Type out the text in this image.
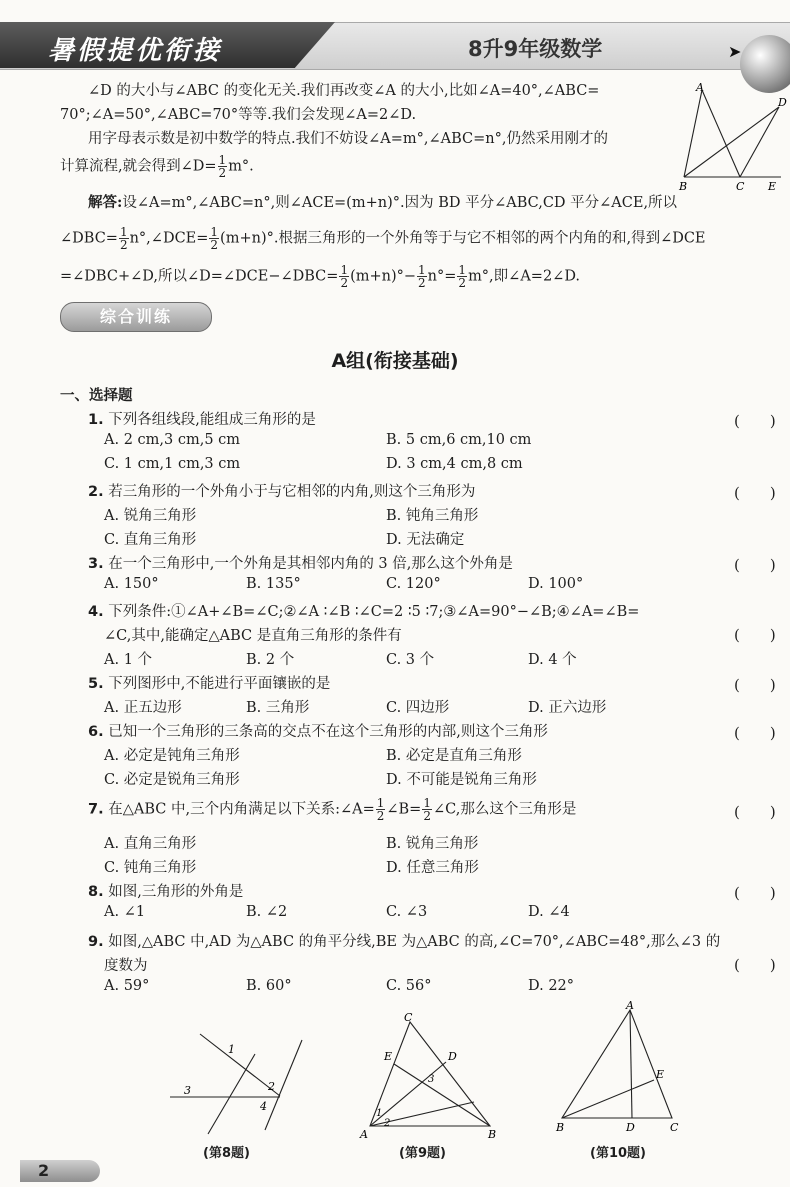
暑假提优衔接	8升9年级数学	➤
A
D
B	C E
∠D 的大小与∠ABC 的变化无关.我们再改变∠A 的大小,比如∠A=40°,∠ABC=
70°;∠A=50°,∠ABC=70°等等.我们会发现∠A=2∠D.
用字母表示数是初中数学的特点.我们不妨设∠A=m°,∠ABC=n°,仍然采用刚才的
计算流程,就会得到∠D= $\frac{1}{2} m^\circ$.
解答:设∠A=m°,∠ABC=n°,则∠ACE=(m+n)°.因为 BD 平分∠ABC,CD 平分∠ACE,所以
∠DBC= $\frac{1}{2}$ n°,∠DCE= $\frac{1}{2} (m+n)^\circ$.根据三角形的一个外角等于与它不相邻的两个内角的和,得到∠DCE
=∠DBC+∠D,所以∠D=∠DCE−∠DBC= $\frac{1}{2} (m+n)^\circ- \frac{1}{2} n^\circ= \frac{1}{2} m^\circ$,即∠A=2∠D.
综合训练
A组(衔接基础)
一、选择题
1. 下列各组线段,能组成三角形的是	(　　)
A. 2 cm,3 cm,5 cm	B. 5 cm,6 cm,10 cm
C. 1 cm,1 cm,3 cm	D. 3 cm,4 cm,8 cm
2. 若三角形的一个外角小于与它相邻的内角,则这个三角形为	(　　)
A. 锐角三角形	B. 钝角三角形
C. 直角三角形	D. 无法确定
3. 在一个三角形中,一个外角是其相邻内角的 3 倍,那么这个外角是	(　　)
A. 150°	B. 135°	C. 120°	D. 100°
4. 下列条件:①∠A+∠B=∠C;②∠A ∶∠B ∶∠C=2 ∶5 ∶7;③∠A=90°−∠B;④∠A=∠B=
∠C,其中,能确定△ABC 是直角三角形的条件有	(　　)
A. 1 个	B. 2 个	C. 3 个	D. 4 个
5. 下列图形中,不能进行平面镶嵌的是	(　　)
A. 正五边形	B. 三角形	C. 四边形	D. 正六边形
6. 已知一个三角形的三条高的交点不在这个三角形的内部,则这个三角形	(　　)
A. 必定是钝角三角形	B. 必定是直角三角形
C. 必定是锐角三角形	D. 不可能是锐角三角形
7. 在△ABC 中,三个内角满足以下关系:∠A= $\frac{1}{2}$ ∠B= $\frac{1}{2}$ ∠C,那么这个三角形是	(　　)
A. 直角三角形	B. 锐角三角形
C. 钝角三角形	D. 任意三角形
8. 如图,三角形的外角是	(　　)
A. ∠1	B. ∠2	C. ∠3	D. ∠4
9. 如图,△ABC 中,AD 为△ABC 的角平分线,BE 为△ABC 的高,∠C=70°,∠ABC=48°,那么∠3 的
度数为	(　　)
A. 59°	B. 60°	C. 56°	D. 22°
1
2
3
4
(第8题)
C
E	D
3
1
2
A	B
(第9题)
A
E
B	D	C
(第10题)
2
